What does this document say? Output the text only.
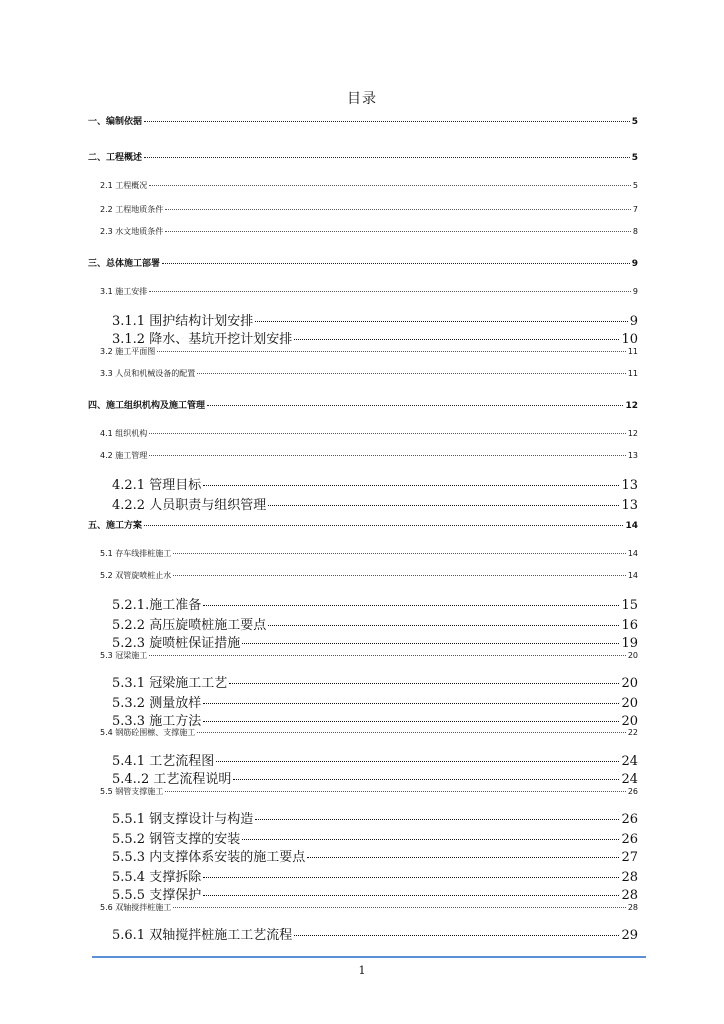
目录
一、编制依据	5
二、工程概述	5
2.1 工程概况	5
2.2 工程地质条件	7
2.3 水文地质条件	8
三、总体施工部署	9
3.1 施工安排	9
3.1.1 围护结构计划安排	9
3.1.2 降水、基坑开挖计划安排	10
3.2 施工平面图	11
3.3 人员和机械设备的配置	11
四、施工组织机构及施工管理	12
4.1 组织机构	12
4.2 施工管理	13
4.2.1 管理目标	13
4.2.2 人员职责与组织管理	13
五、施工方案	14
5.1 存车线排桩施工	14
5.2 双管旋喷桩止水	14
5.2.1.施工准备	15
5.2.2 高压旋喷桩施工要点	16
5.2.3 旋喷桩保证措施	19
5.3 冠梁施工	20
5.3.1 冠梁施工工艺	20
5.3.2 测量放样	20
5.3.3 施工方法	20
5.4 钢筋砼围檩、支撑施工	22
5.4.1 工艺流程图	24
5.4..2 工艺流程说明	24
5.5 钢管支撑施工	26
5.5.1 钢支撑设计与构造	26
5.5.2 钢管支撑的安装	26
5.5.3 内支撑体系安装的施工要点	27
5.5.4 支撑拆除	28
5.5.5 支撑保护	28
5.6 双轴搅拌桩施工	28
5.6.1 双轴搅拌桩施工工艺流程	29
1
